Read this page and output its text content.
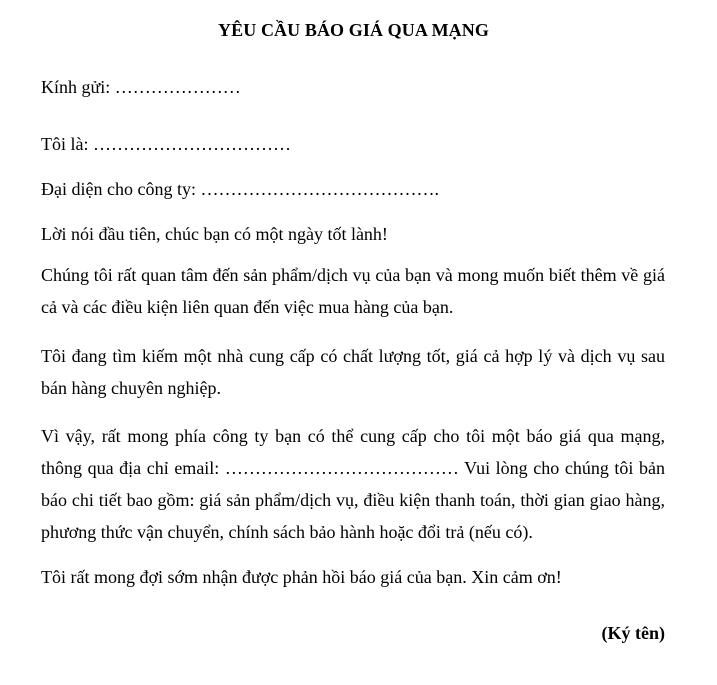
YÊU CẦU BÁO GIÁ QUA MẠNG
Kính gửi: …………………
Tôi là: ……………………………
Đại diện cho công ty: ………………………………….
Lời nói đầu tiên, chúc bạn có một ngày tốt lành!
Chúng tôi rất quan tâm đến sản phẩm/dịch vụ của bạn và mong muốn biết thêm về giá cả và các điều kiện liên quan đến việc mua hàng của bạn.
Tôi đang tìm kiếm một nhà cung cấp có chất lượng tốt, giá cả hợp lý và dịch vụ sau bán hàng chuyên nghiệp.
Vì vậy, rất mong phía công ty bạn có thể cung cấp cho tôi một báo giá qua mạng, thông qua địa chỉ email: ………………………………… Vui lòng cho chúng tôi bản báo chi tiết bao gồm: giá sản phẩm/dịch vụ, điều kiện thanh toán, thời gian giao hàng, phương thức vận chuyển, chính sách bảo hành hoặc đổi trả (nếu có).
Tôi rất mong đợi sớm nhận được phản hồi báo giá của bạn. Xin cảm ơn!
(Ký tên)
